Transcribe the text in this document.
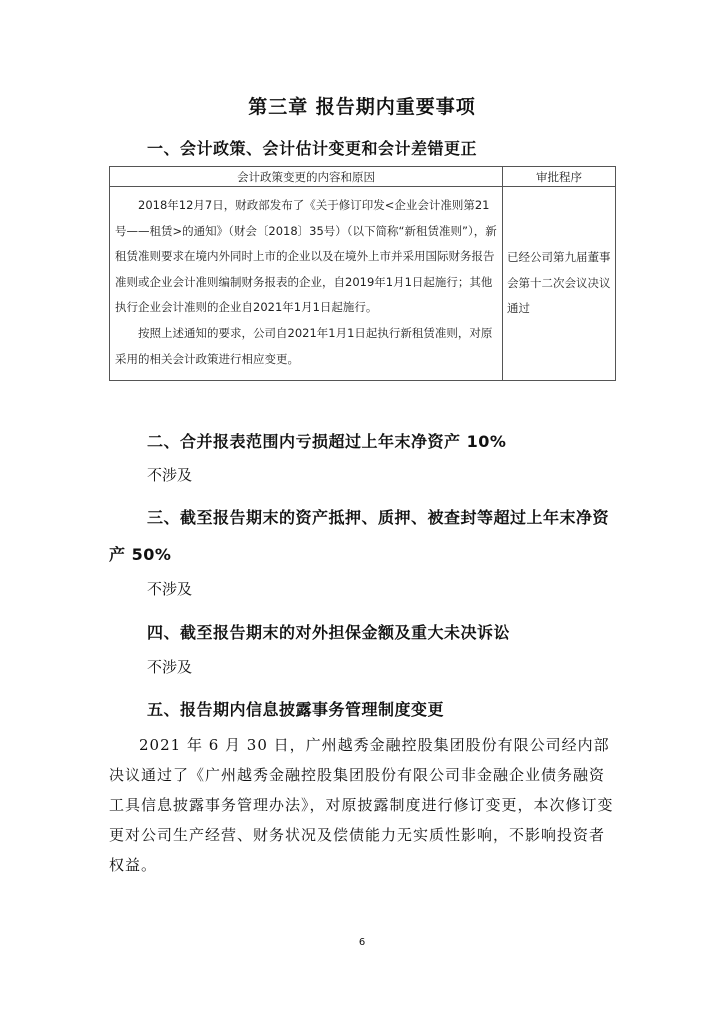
第三章 报告期内重要事项
一、会计政策、会计估计变更和会计差错更正
会计政策变更的内容和原因	审批程序

2018年12月7日，财政部发布了《关于修订印发<企业会计准则第21号——租赁>的通知》（财会〔2018〕35号）（以下简称“新租赁准则”），新租赁准则要求在境内外同时上市的企业以及在境外上市并采用国际财务报告准则或企业会计准则编制财务报表的企业，自2019年1月1日起施行；其他执行企业会计准则的企业自2021年1月1日起施行。
按照上述通知的要求，公司自2021年1月1日起执行新租赁准则，对原采用的相关会计政策进行相应变更。	已经公司第九届董事会第十二次会议决议通过
二、合并报表范围内亏损超过上年末净资产 10%
不涉及
三、截至报告期末的资产抵押、质押、被查封等超过上年末净资
产 50%
不涉及
四、截至报告期末的对外担保金额及重大未决诉讼
不涉及
五、报告期内信息披露事务管理制度变更
2021 年 6 月 30 日，广州越秀金融控股集团股份有限公司经内部决议通过了《广州越秀金融控股集团股份有限公司非金融企业债务融资工具信息披露事务管理办法》，对原披露制度进行修订变更，本次修订变更对公司生产经营、财务状况及偿债能力无实质性影响，不影响投资者权益。
6
